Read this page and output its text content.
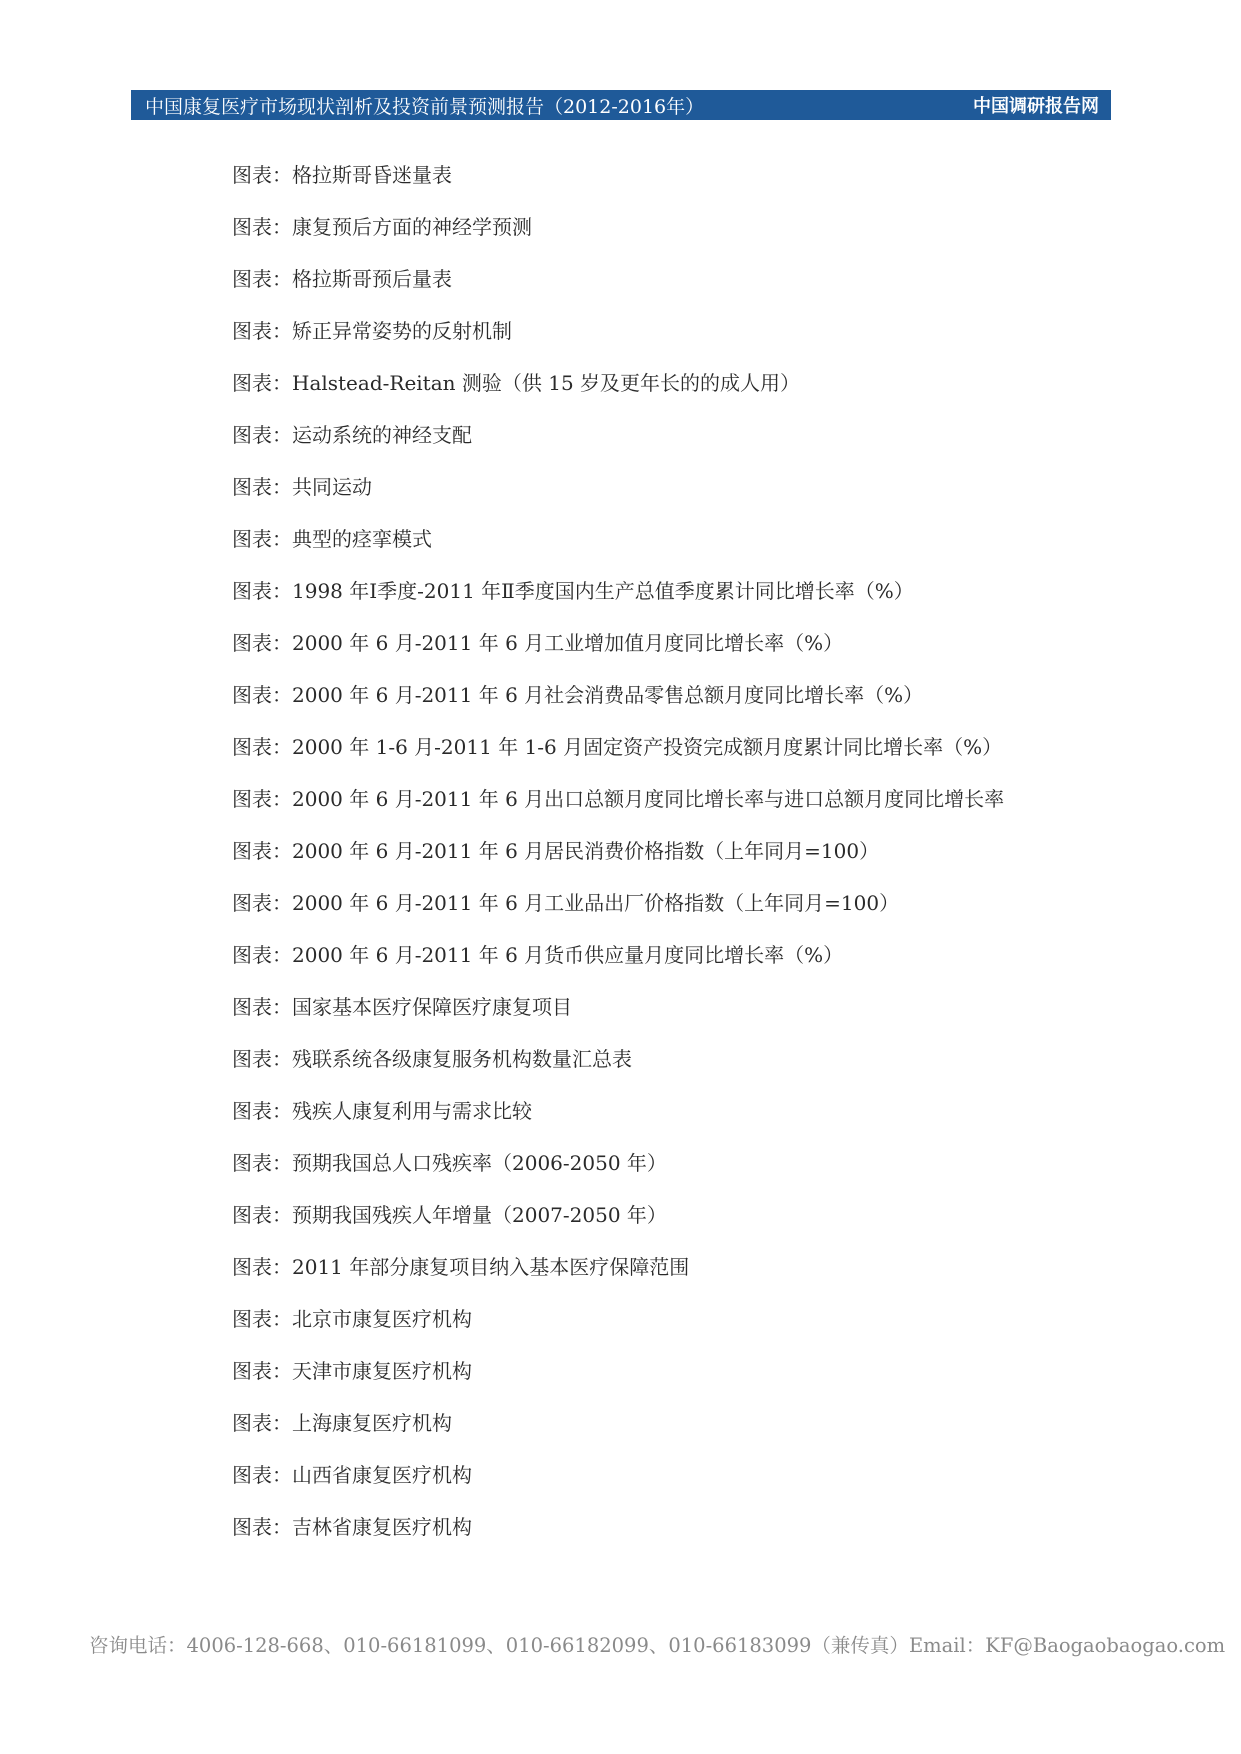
中国康复医疗市场现状剖析及投资前景预测报告（2012-2016年）	中国调研报告网
图表：格拉斯哥昏迷量表
图表：康复预后方面的神经学预测
图表：格拉斯哥预后量表
图表：矫正异常姿势的反射机制
图表：Halstead-Reitan 测验（供 15 岁及更年长的的成人用）
图表：运动系统的神经支配
图表：共同运动
图表：典型的痉挛模式
图表：1998 年Ⅰ季度-2011 年Ⅱ季度国内生产总值季度累计同比增长率（%）
图表：2000 年 6 月-2011 年 6 月工业增加值月度同比增长率（%）
图表：2000 年 6 月-2011 年 6 月社会消费品零售总额月度同比增长率（%）
图表：2000 年 1-6 月-2011 年 1-6 月固定资产投资完成额月度累计同比增长率（%）
图表：2000 年 6 月-2011 年 6 月出口总额月度同比增长率与进口总额月度同比增长率
图表：2000 年 6 月-2011 年 6 月居民消费价格指数（上年同月=100）
图表：2000 年 6 月-2011 年 6 月工业品出厂价格指数（上年同月=100）
图表：2000 年 6 月-2011 年 6 月货币供应量月度同比增长率（%）
图表：国家基本医疗保障医疗康复项目
图表：残联系统各级康复服务机构数量汇总表
图表：残疾人康复利用与需求比较
图表：预期我国总人口残疾率（2006-2050 年）
图表：预期我国残疾人年增量（2007-2050 年）
图表：2011 年部分康复项目纳入基本医疗保障范围
图表：北京市康复医疗机构
图表：天津市康复医疗机构
图表：上海康复医疗机构
图表：山西省康复医疗机构
图表：吉林省康复医疗机构
咨询电话：4006-128-668、010-66181099、010-66182099、010-66183099（兼传真） Email：KF@Baogaobaogao.com
